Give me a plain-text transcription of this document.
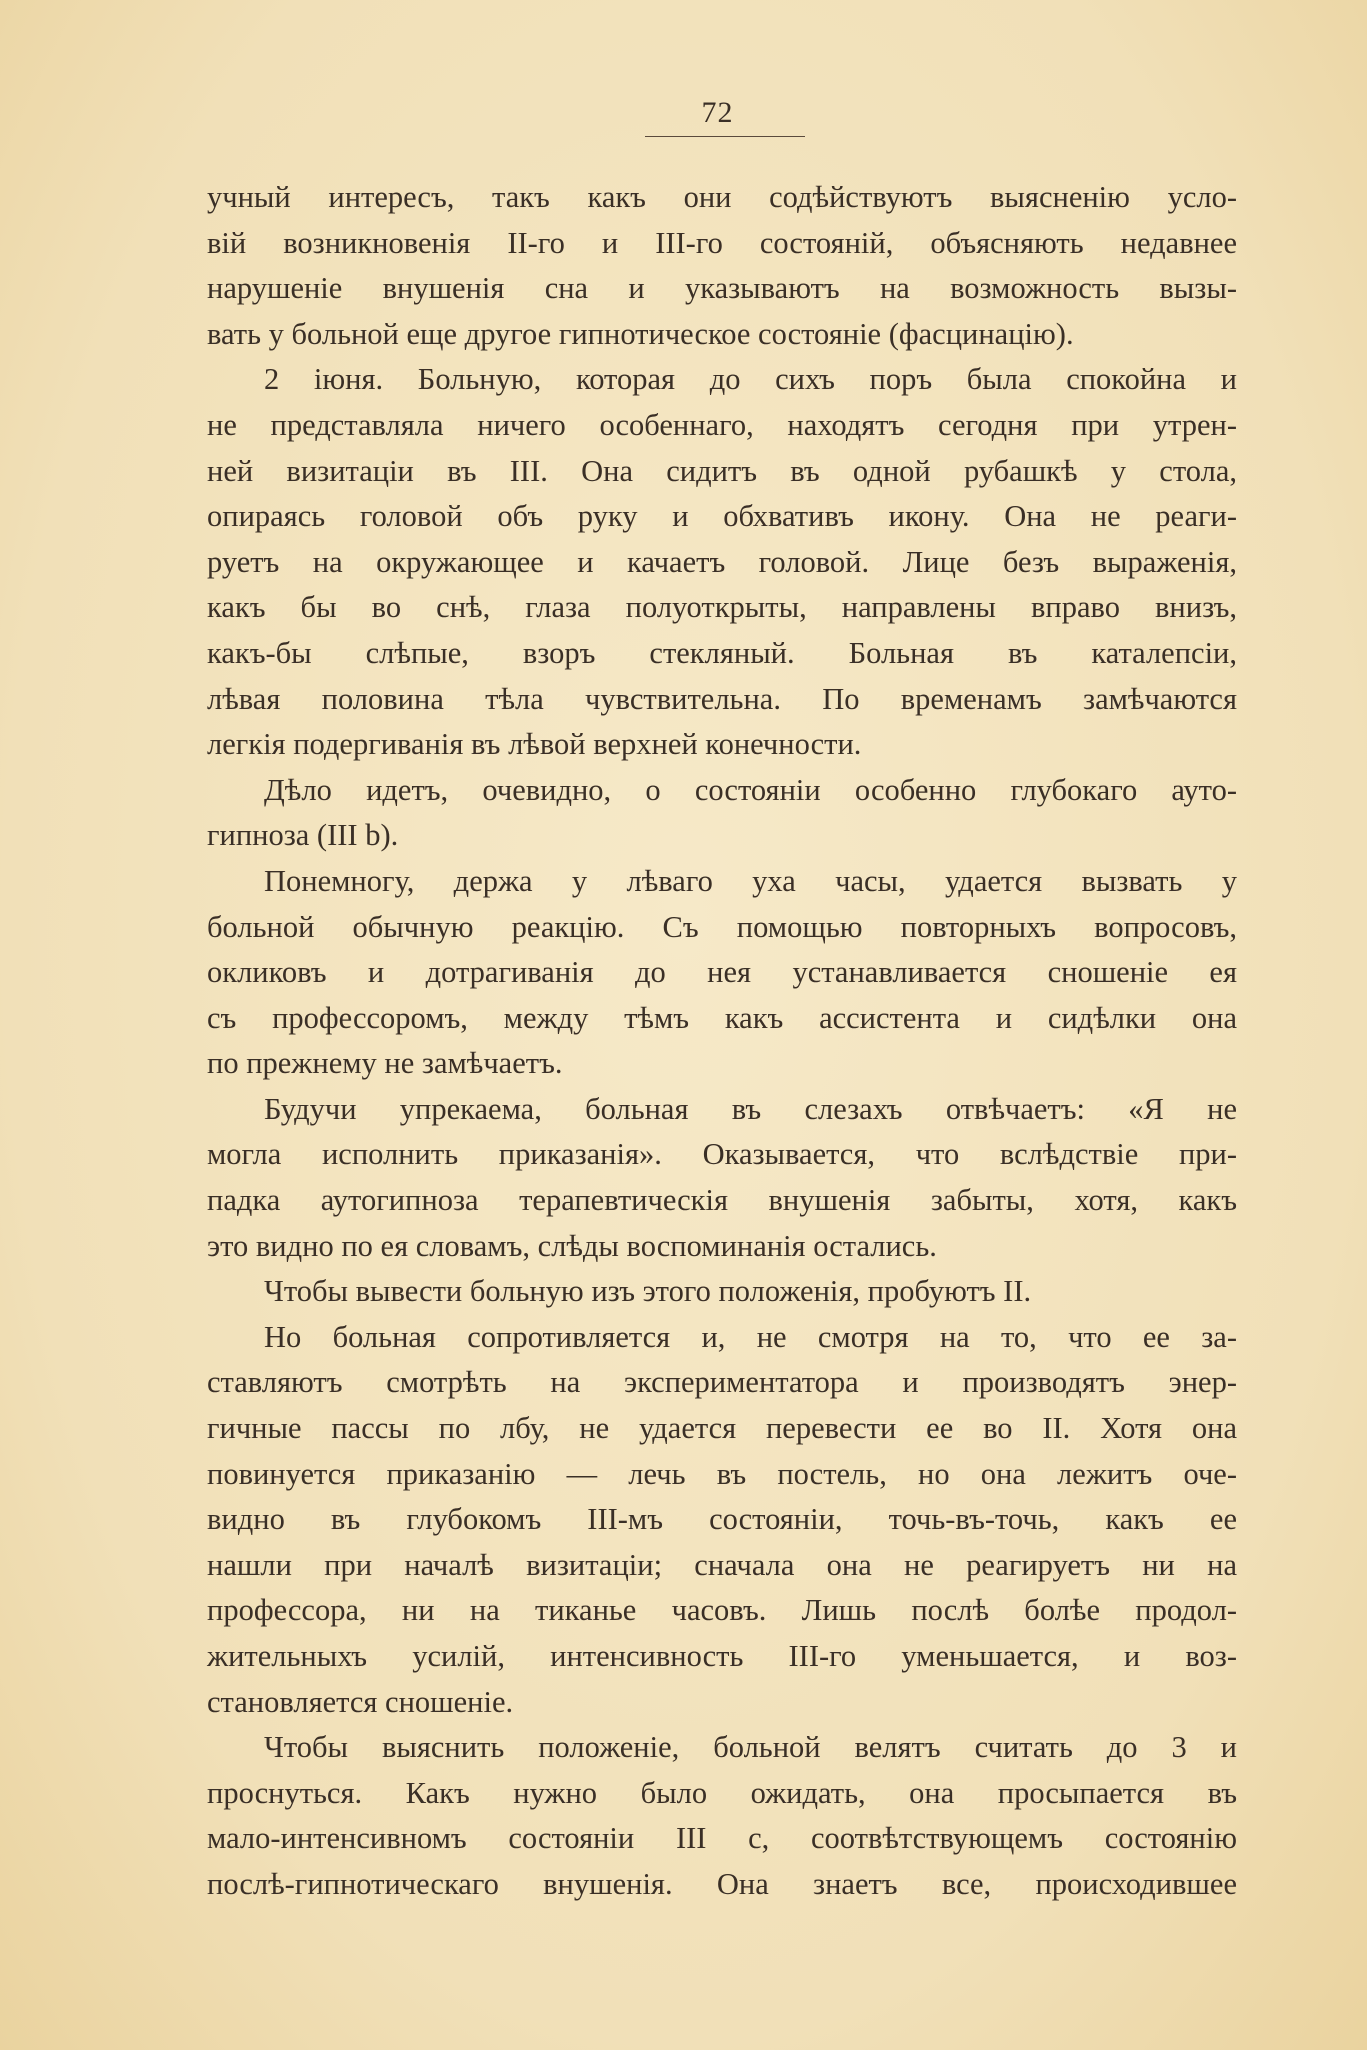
72
учный интересъ, такъ какъ они содѣйствуютъ выясненію усло-
вій возникновенія II-го и III-го состояній, объясняють недавнее
нарушеніе внушенія сна и указываютъ на возможность вызы-
вать у больной еще другое гипнотическое состояніе (фасцинацію).
2 іюня. Больную, которая до сихъ поръ была спокойна и
не представляла ничего особеннаго, находятъ сегодня при утрен-
ней визитаціи въ III. Она сидитъ въ одной рубашкѣ у стола,
опираясь головой объ руку и обхвативъ икону. Она не реаги-
руетъ на окружающее и качаетъ головой. Лице безъ выраженія,
какъ бы во снѣ, глаза полуоткрыты, направлены вправо внизъ,
какъ-бы слѣпые, взоръ стекляный. Больная въ каталепсіи,
лѣвая половина тѣла чувствительна. По временамъ замѣчаются
легкія подергиванія въ лѣвой верхней конечности.
Дѣло идетъ, очевидно, о состояніи особенно глубокаго ауто-
гипноза (III b).
Понемногу, держа у лѣваго уха часы, удается вызвать у
больной обычную реакцію. Съ помощью повторныхъ вопросовъ,
окликовъ и дотрагиванія до нея устанавливается сношеніе ея
съ профессоромъ, между тѣмъ какъ ассистента и сидѣлки она
по прежнему не замѣчаетъ.
Будучи упрекаема, больная въ слезахъ отвѣчаетъ: «Я не
могла исполнить приказанія». Оказывается, что вслѣдствіе при-
падка аутогипноза терапевтическія внушенія забыты, хотя, какъ
это видно по ея словамъ, слѣды воспоминанія остались.
Чтобы вывести больную изъ этого положенія, пробуютъ II.
Но больная сопротивляется и, не смотря на то, что ее за-
ставляютъ смотрѣть на экспериментатора и производятъ энер-
гичные пассы по лбу, не удается перевести ее во II. Хотя она
повинуется приказанію — лечь въ постель, но она лежитъ оче-
видно въ глубокомъ III-мъ состояніи, точь-въ-точь, какъ ее
нашли при началѣ визитаціи; сначала она не реагируетъ ни на
профессора, ни на тиканье часовъ. Лишь послѣ болѣе продол-
жительныхъ усилій, интенсивность III-го уменьшается, и воз-
становляется сношеніе.
Чтобы выяснить положеніе, больной велятъ считать до 3 и
проснуться. Какъ нужно было ожидать, она просыпается въ
мало-интенсивномъ состояніи III с, соотвѣтствующемъ состоянію
послѣ-гипнотическаго внушенія. Она знаетъ все, происходившее
